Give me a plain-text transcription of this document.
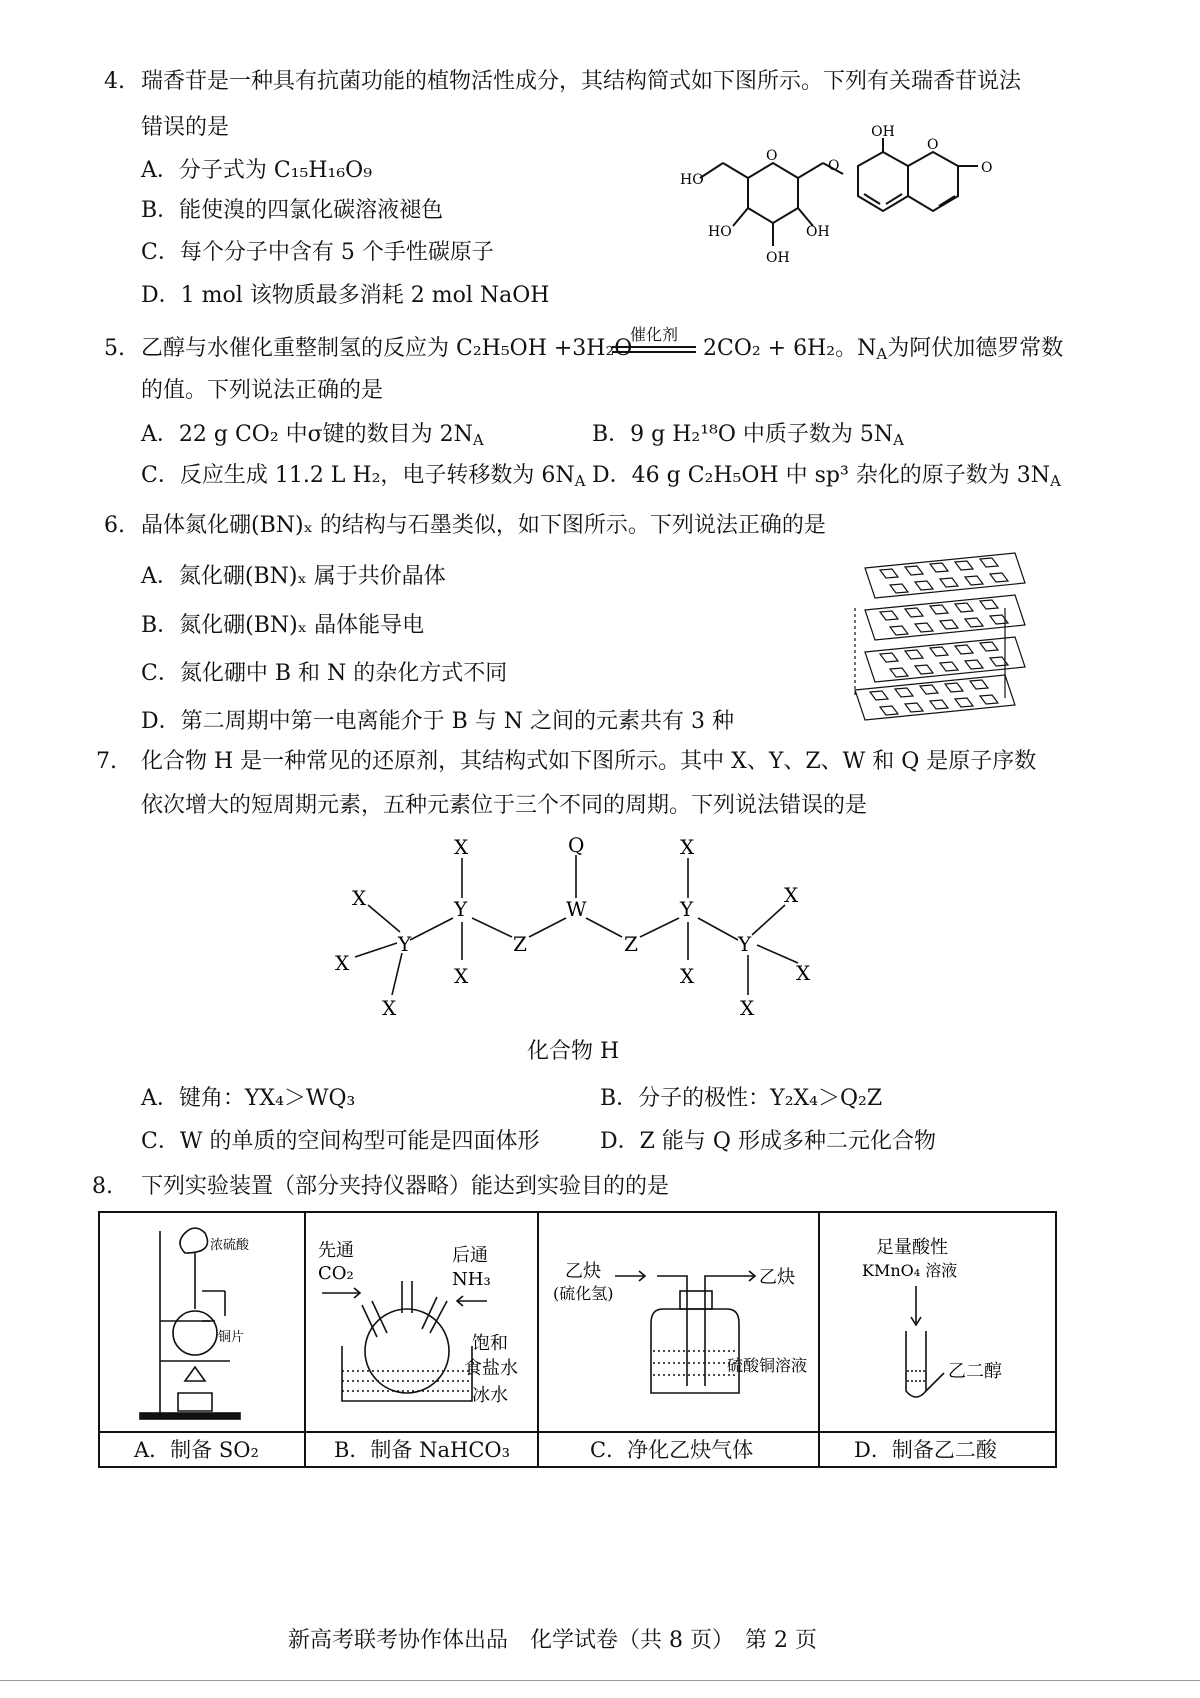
4. 瑞香苷是一种具有抗菌功能的植物活性成分，其结构简式如下图所示。下列有关瑞香苷说法
错误的是
A．分子式为 C₁₅H₁₆O₉
B．能使溴的四氯化碳溶液褪色
C．每个分子中含有 5 个手性碳原子
D．1 mol 该物质最多消耗 2 mol NaOH
OH
HO
HO	OH
OH
O
O
O
O
5. 乙醇与水催化重整制氢的反应为 C₂H₅OH +3H₂O
催化剂
2CO₂ + 6H₂。$N_A$为阿伏加德罗常数
的值。下列说法正确的是
A．22 g CO₂ 中σ键的数目为 $2N_A$	B．9 g H₂¹⁸O 中质子数为 $5N_A$
C．反应生成 11.2 L H₂，电子转移数为 $6N_A$ D．46 g C₂H₅OH 中 sp³ 杂化的原子数为 $3N_A$
6. 晶体氮化硼(BN)ₓ 的结构与石墨类似，如下图所示。下列说法正确的是
A．氮化硼(BN)ₓ 属于共价晶体
B．氮化硼(BN)ₓ 晶体能导电
C．氮化硼中 B 和 N 的杂化方式不同
D．第二周期中第一电离能介于 B 与 N 之间的元素共有 3 种
7. 化合物 H 是一种常见的还原剂，其结构式如下图所示。其中 X、Y、Z、W 和 Q 是原子序数
依次增大的短周期元素，五种元素位于三个不同的周期。下列说法错误的是
X	Q	X
X	Y	W	Y
X
Y	Z	Z	Y
X
X	X	X
X	X
化合物 H
A．键角：YX₄＞WQ₃	B．分子的极性：Y₂X₄＞Q₂Z
C．W 的单质的空间构型可能是四面体形	D．Z 能与 Q 形成多种二元化合物
8. 下列实验装置（部分夹持仪器略）能达到实验目的的是
浓硫酸
铜片
A．制备 SO₂
先通
CO₂
后通
NH₃
饱和
食盐水
冰水
B．制备 NaHCO₃
乙炔
(硫化氢)
乙炔
硫酸铜溶液
C．净化乙炔气体
足量酸性
KMnO₄ 溶液
乙二醇
D．制备乙二酸
新高考联考协作体出品　化学试卷（共 8 页）　第 2 页
